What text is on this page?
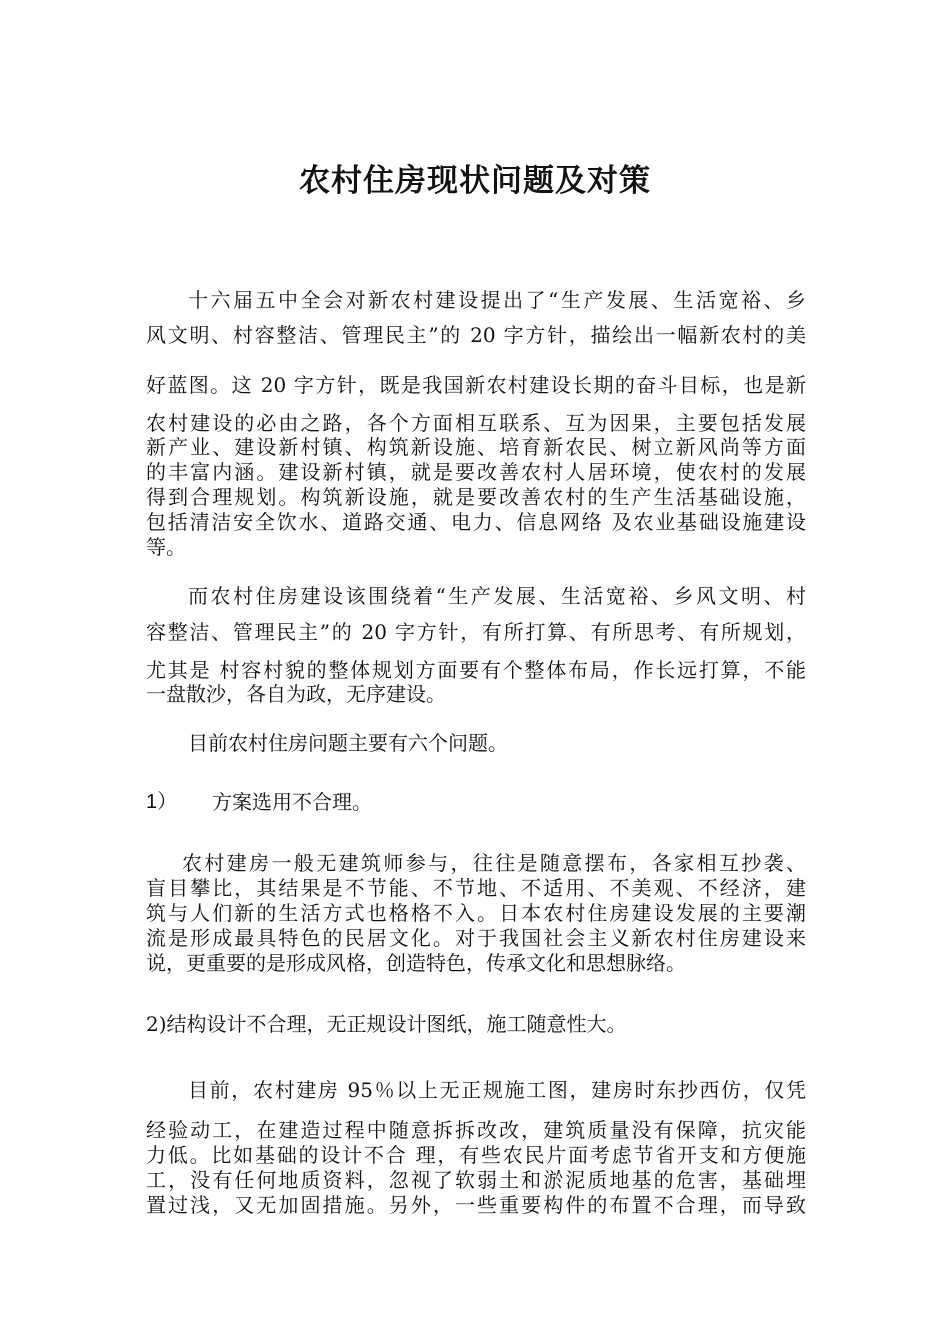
农村住房现状问题及对策

十六届五中全会对新农村建设提出了“生产发展、生活宽裕、乡

风文明、村容整洁、管理民主”的 20 字方针，描绘出一幅新农村的美

好蓝图。这 20 字方针，既是我国新农村建设长期的奋斗目标，也是新

农村建设的必由之路，各个方面相互联系、互为因果，主要包括发展

新产业、建设新村镇、构筑新设施、培育新农民、树立新风尚等方面

的丰富内涵。建设新村镇，就是要改善农村人居环境，使农村的发展

得到合理规划。构筑新设施，就是要改善农村的生产生活基础设施，

包括清洁安全饮水、道路交通、电力、信息网络 及农业基础设施建设

等。

而农村住房建设该围绕着“生产发展、生活宽裕、乡风文明、村

容整洁、管理民主”的 20 字方针，有所打算、有所思考、有所规划，

尤其是 村容村貌的整体规划方面要有个整体布局，作长远打算，不能

一盘散沙，各自为政，无序建设。

目前农村住房问题主要有六个问题。

1） 方案选用不合理。

农村建房一般无建筑师参与，往往是随意摆布，各家相互抄袭、

盲目攀比，其结果是不节能、不节地、不适用、不美观、不经济，建

筑与人们新的生活方式也格格不入。日本农村住房建设发展的主要潮

流是形成最具特色的民居文化。对于我国社会主义新农村住房建设来

说，更重要的是形成风格，创造特色，传承文化和思想脉络。

2)结构设计不合理，无正规设计图纸，施工随意性大。

目前，农村建房 95％以上无正规施工图，建房时东抄西仿，仅凭

经验动工，在建造过程中随意拆拆改改，建筑质量没有保障，抗灾能

力低。比如基础的设计不合 理，有些农民片面考虑节省开支和方便施

工，没有任何地质资料，忽视了软弱土和淤泥质地基的危害，基础埋

置过浅，又无加固措施。另外，一些重要构件的布置不合理，而导致
